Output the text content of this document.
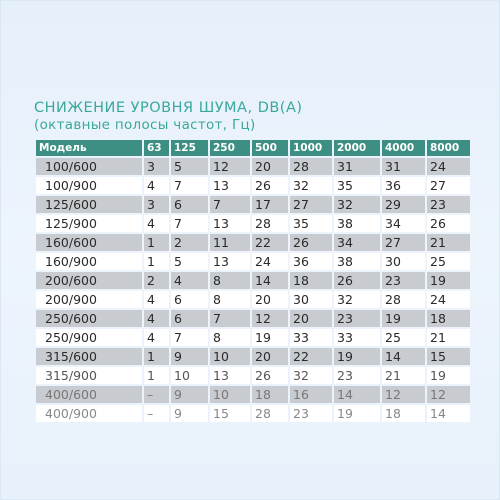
СНИЖЕНИЕ УРОВНЯ ШУМА, DB(A)
(октавные полосы частот, Гц)
Модель	63	125	250	500	1000	2000	4000	8000
100/600	3	5	12	20	28	31	31	24
100/900	4	7	13	26	32	35	36	27
125/600	3	6	7	17	27	32	29	23
125/900	4	7	13	28	35	38	34	26
160/600	1	2	11	22	26	34	27	21
160/900	1	5	13	24	36	38	30	25
200/600	2	4	8	14	18	26	23	19
200/900	4	6	8	20	30	32	28	24
250/600	4	6	7	12	20	23	19	18
250/900	4	7	8	19	33	33	25	21
315/600	1	9	10	20	22	19	14	15
315/900	1	10	13	26	32	23	21	19
400/600	–	9	10	18	16	14	12	12
400/900	–	9	15	28	23	19	18	14
